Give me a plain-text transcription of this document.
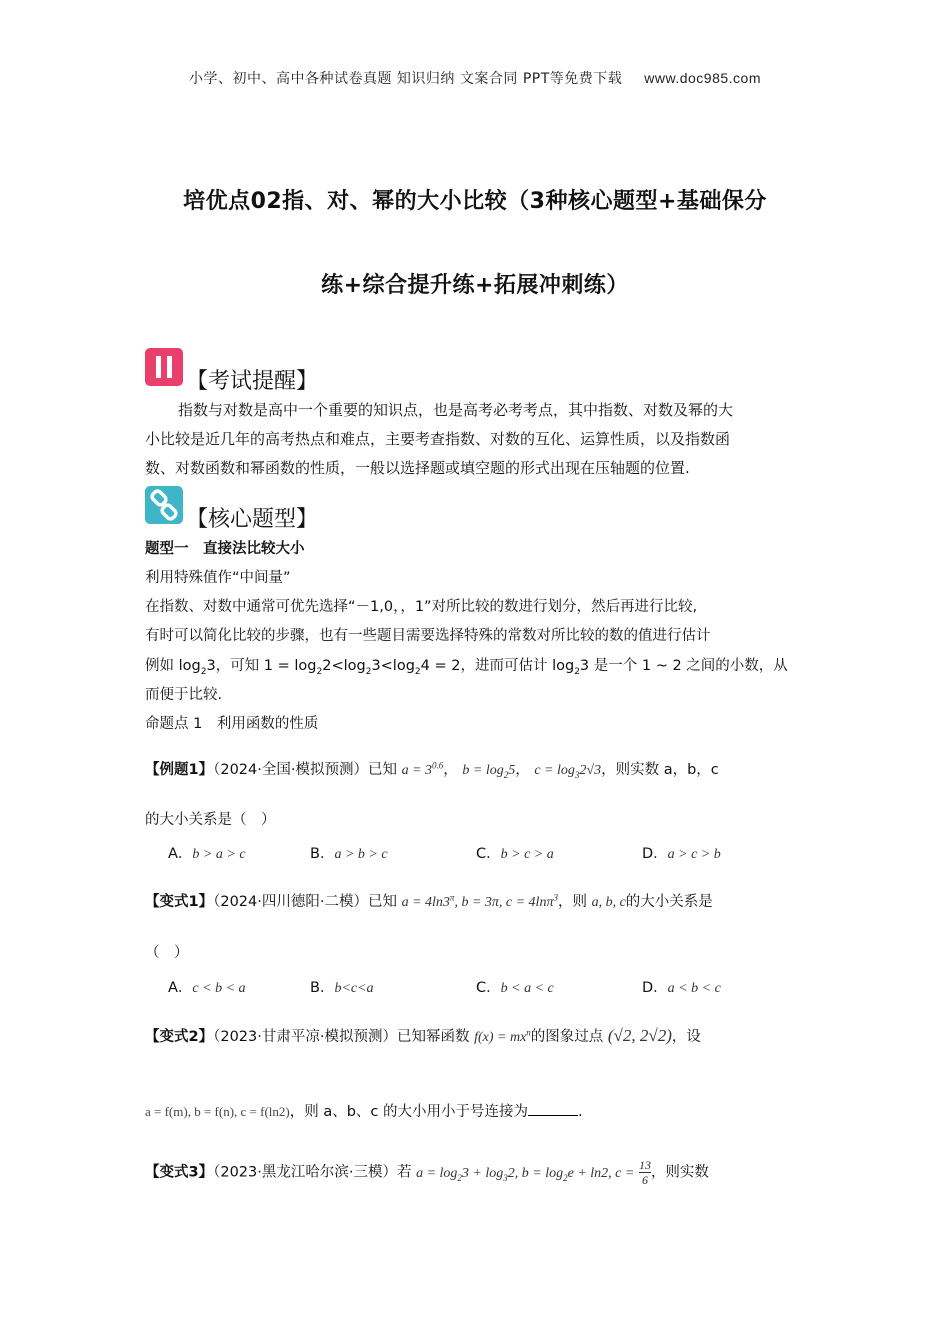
小学、初中、高中各种试卷真题 知识归纳 文案合同 PPT等免费下载 www.doc985.com
培优点02指、对、幂的大小比较（3种核心题型+基础保分
练+综合提升练+拓展冲刺练）
【考试提醒】
指数与对数是高中一个重要的知识点，也是高考必考考点，其中指数、对数及幂的大
小比较是近几年的高考热点和难点，主要考查指数、对数的互化、运算性质，以及指数函
数、对数函数和幂函数的性质，一般以选择题或填空题的形式出现在压轴题的位置.
【核心题型】
题型一　直接法比较大小
利用特殊值作“中间量”
在指数、对数中通常可优先选择“－1,0，，1”对所比较的数进行划分，然后再进行比较,
有时可以简化比较的步骤，也有一些题目需要选择特殊的常数对所比较的数的值进行估计
例如 $\log_23$，可知 $1 = \log_22<\log_23<\log_24 = 2$，进而可估计 $\log_23$ 是一个 1 ~ 2 之间的小数，从
而便于比较.
命题点 1　利用函数的性质
【例题1】（2024·全国·模拟预测）已知 $a = 3^{0.6}$， $b = \log_25$， $c = \log_32√3$，则实数 a，b，c
的大小关系是（　）
A．b > a > c	B．a > b > c	C．b > c > a	D．a > c > b
【变式1】（2024·四川德阳·二模）已知 $a = 4\ln 3^\pi$, b = 3π, c = 4lnπ$^3$，则 a, b, c的大小关系是
（　）
A．c < b < a	B．b<c<a	C．b < a < c	D．a < b < c
【变式2】（2023·甘肃平凉·模拟预测）已知幂函数 $f(x) = mx^n$的图象过点 (√2, 2√2)，设
a = f(m), b = f(n), c = f(ln2)，则 a、b、c 的大小用小于号连接为	.
【变式3】（2023·黑龙江哈尔滨·三模）若 $a = \log_23 + \log_32$, $b = \log_2e + \ln 2$, $c = \frac{13}{6}$ ，则实数
